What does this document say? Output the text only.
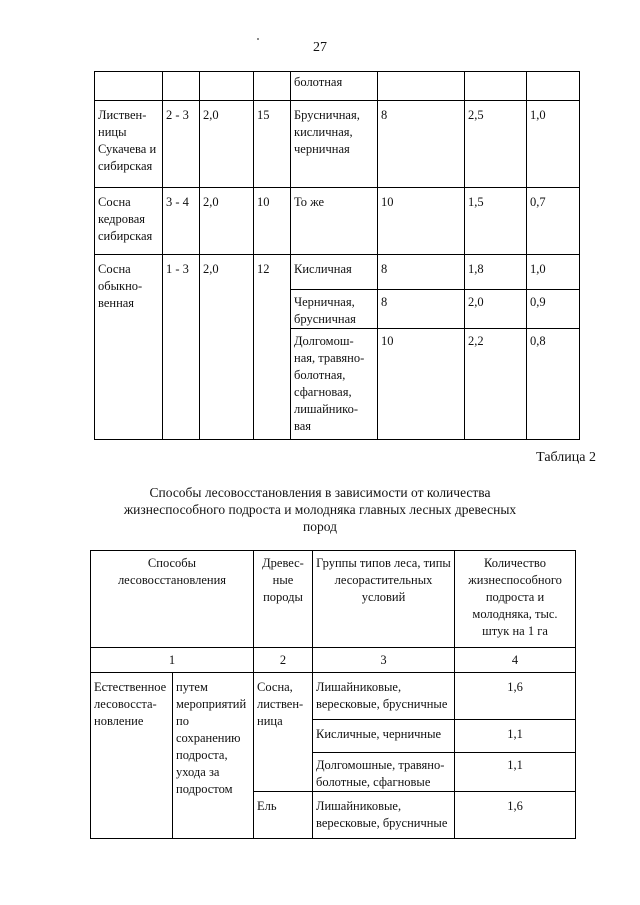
27
				болотная			
Листвен-ницы Сукачева и сибирская	2 - 3	2,0	15	Брусничная, кисличная, черничная	8	2,5	1,0
Сосна кедровая сибирская	3 - 4	2,0	10	То же	10	1,5	0,7
Сосна обыкно-венная	1 - 3	2,0	12	Кисличная	8	1,8	1,0
				Черничная, брусничная	8	2,0	0,9
				Долгомош-ная, травяно-болотная, сфагновая, лишайнико-вая	10	2,2	0,8
Таблица 2
Способы лесовосстановления в зависимости от количества жизнеспособного подроста и молодняка главных лесных древесных пород
Способы лесовосстановления		Древес-ные породы	Группы типов леса, типы лесорастительных условий	Количество жизнеспособного подроста и молодняка, тыс. штук на 1 га
1		2	3	4
Естественное лесовосста-новление	путем мероприятий по сохранению подроста, ухода за подростом	Сосна, листвен-ница	Лишайниковые, вересковые, брусничные	1,6
			Кисличные, черничные	1,1
			Долгомошные, травяно-болотные, сфагновые	1,1
		Ель	Лишайниковые, вересковые, брусничные	1,6
